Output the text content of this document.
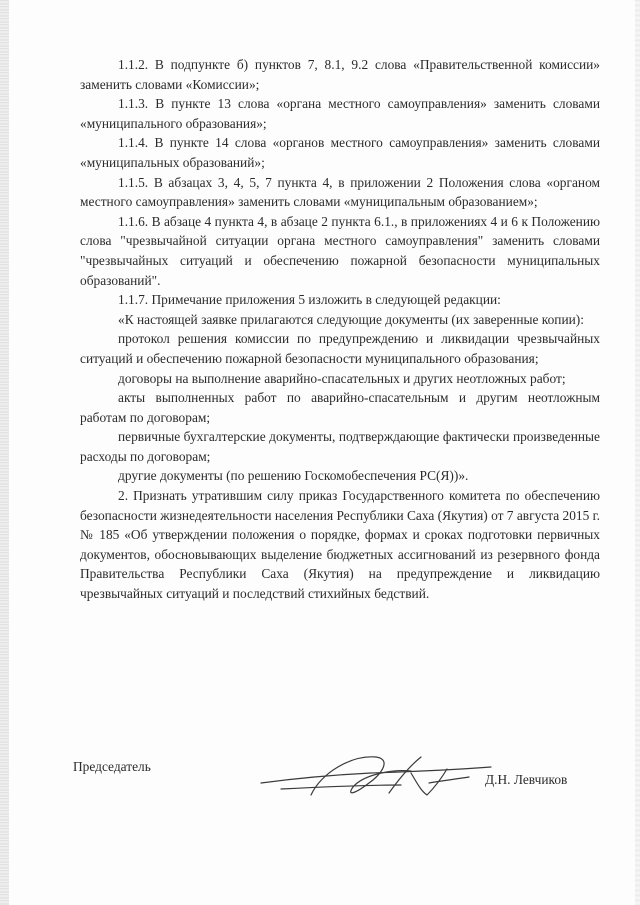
1.1.2. В подпункте б) пунктов 7, 8.1, 9.2 слова «Правительственной комиссии» заменить словами «Комиссии»;

1.1.3. В пункте 13 слова «органа местного самоуправления» заменить словами «муниципального образования»;

1.1.4. В пункте 14 слова «органов местного самоуправления» заменить словами «муниципальных образований»;

1.1.5. В абзацах 3, 4, 5, 7 пункта 4, в приложении 2 Положения слова «органом местного самоуправления» заменить словами «муниципальным образованием»;

1.1.6. В абзаце 4 пункта 4, в абзаце 2 пункта 6.1., в приложениях 4 и 6 к Положению слова "чрезвычайной ситуации органа местного самоуправления" заменить словами "чрезвычайных ситуаций и обеспечению пожарной безопасности муниципальных образований".

1.1.7. Примечание приложения 5 изложить в следующей редакции:

«К настоящей заявке прилагаются следующие документы (их заверенные копии):

протокол решения комиссии по предупреждению и ликвидации чрезвычайных ситуаций и обеспечению пожарной безопасности муниципального образования;

договоры на выполнение аварийно-спасательных и других неотложных работ;

акты выполненных работ по аварийно-спасательным и другим неотложным работам по договорам;

первичные бухгалтерские документы, подтверждающие фактически произведенные расходы по договорам;

другие документы (по решению Госкомобеспечения РС(Я))».

2. Признать утратившим силу приказ Государственного комитета по обеспечению безопасности жизнедеятельности населения Республики Саха (Якутия) от 7 августа 2015 г. № 185 «Об утверждении положения о порядке, формах и сроках подготовки первичных документов, обосновывающих выделение бюджетных ассигнований из резервного фонда Правительства Республики Саха (Якутия) на предупреждение и ликвидацию чрезвычайных ситуаций и последствий стихийных бедствий.

Председатель
Д.Н. Левчиков
